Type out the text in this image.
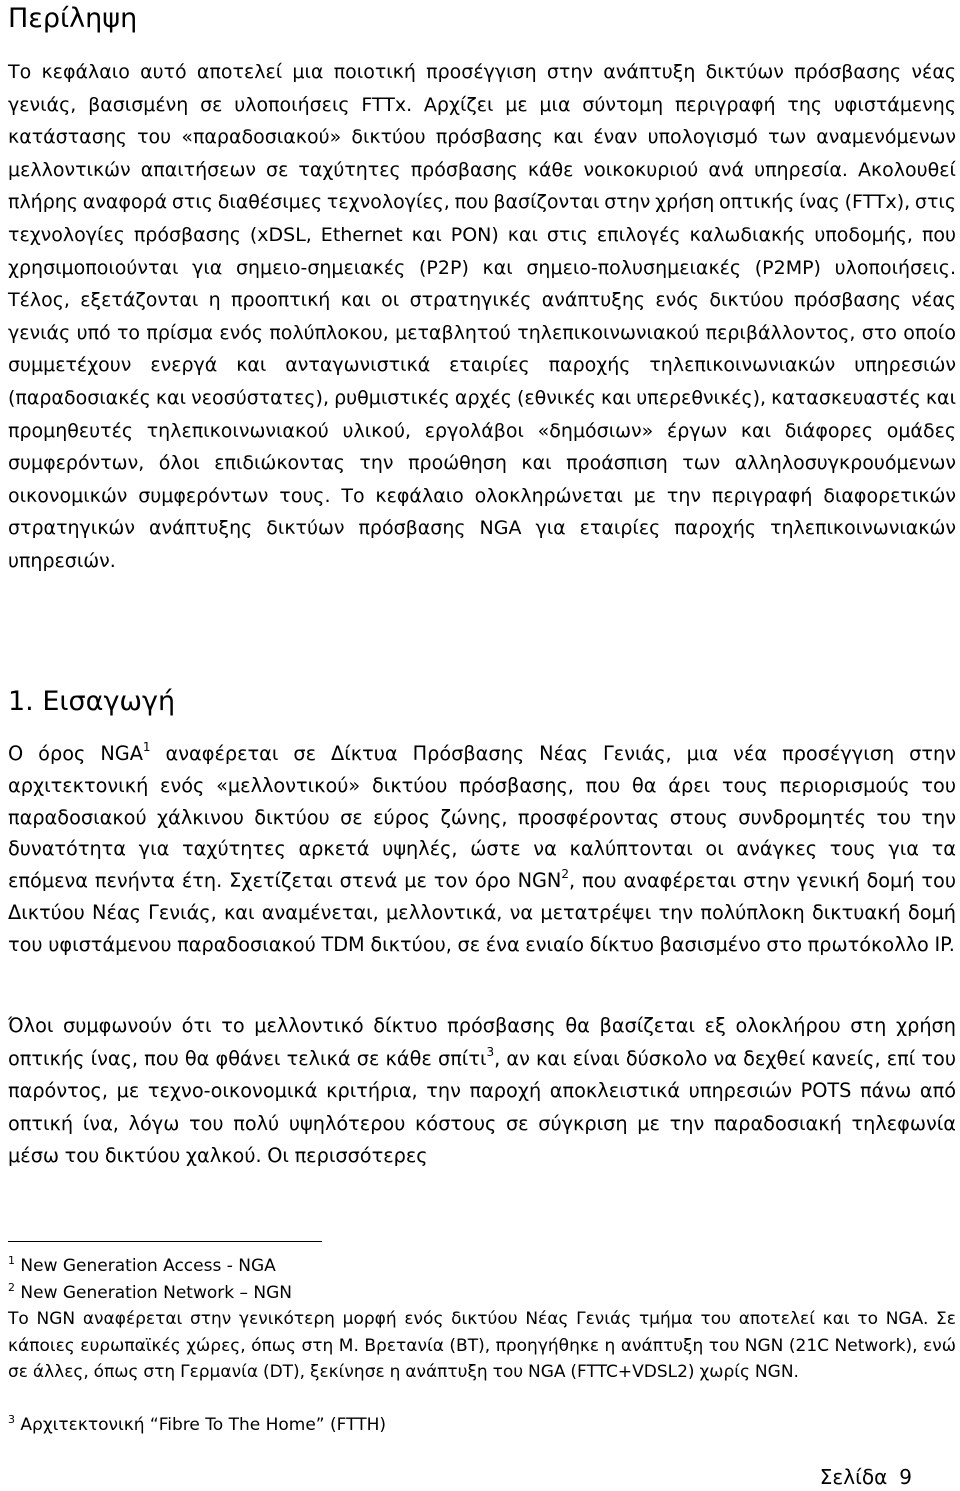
Περίληψη

Το κεφάλαιο αυτό αποτελεί μια ποιοτική προσέγγιση στην ανάπτυξη δικτύων πρόσβασης νέας γενιάς, βασισμένη σε υλοποιήσεις FTTx. Αρχίζει με μια σύντομη περιγραφή της υφιστάμενης κατάστασης του «παραδοσιακού» δικτύου πρόσβασης και έναν υπολογισμό των αναμενόμενων μελλοντικών απαιτήσεων σε ταχύτητες πρόσβασης κάθε νοικοκυριού ανά υπηρεσία. Ακολουθεί πλήρης αναφορά στις διαθέσιμες τεχνολογίες, που βασίζονται στην χρήση οπτικής ίνας (FTTx), στις τεχνολογίες πρόσβασης (xDSL, Ethernet και PON) και στις επιλογές καλωδιακής υποδομής, που χρησιμοποιούνται για σημειο-σημειακές (P2P) και σημειο-πολυσημειακές (P2MP) υλοποιήσεις. Τέλος, εξετάζονται η προοπτική και οι στρατηγικές ανάπτυξης ενός δικτύου πρόσβασης νέας γενιάς υπό το πρίσμα ενός πολύπλοκου, μεταβλητού τηλεπικοινωνιακού περιβάλλοντος, στο οποίο συμμετέχουν ενεργά και ανταγωνιστικά εταιρίες παροχής τηλεπικοινωνιακών υπηρεσιών (παραδοσιακές και νεοσύστατες), ρυθμιστικές αρχές (εθνικές και υπερεθνικές), κατασκευαστές και προμηθευτές τηλεπικοινωνιακού υλικού, εργολάβοι «δημόσιων» έργων και διάφορες ομάδες συμφερόντων, όλοι επιδιώκοντας την προώθηση και προάσπιση των αλληλοσυγκρουόμενων οικονομικών συμφερόντων τους. Το κεφάλαιο ολοκληρώνεται με την περιγραφή διαφορετικών στρατηγικών ανάπτυξης δικτύων πρόσβασης NGA για εταιρίες παροχής τηλεπικοινωνιακών υπηρεσιών.

1. Εισαγωγή

Ο όρος NGA$^1$ αναφέρεται σε Δίκτυα Πρόσβασης Νέας Γενιάς, μια νέα προσέγγιση στην αρχιτεκτονική ενός «μελλοντικού» δικτύου πρόσβασης, που θα άρει τους περιορισμούς του παραδοσιακού χάλκινου δικτύου σε εύρος ζώνης, προσφέροντας στους συνδρομητές του την δυνατότητα για ταχύτητες αρκετά υψηλές, ώστε να καλύπτονται οι ανάγκες τους για τα επόμενα πενήντα έτη. Σχετίζεται στενά με τον όρο NGN$^2$, που αναφέρεται στην γενική δομή του Δικτύου Νέας Γενιάς, και αναμένεται, μελλοντικά, να μετατρέψει την πολύπλοκη δικτυακή δομή του υφιστάμενου παραδοσιακού TDM δικτύου, σε ένα ενιαίο δίκτυο βασισμένο στο πρωτόκολλο IP.

Όλοι συμφωνούν ότι το μελλοντικό δίκτυο πρόσβασης θα βασίζεται εξ ολοκλήρου στη χρήση οπτικής ίνας, που θα φθάνει τελικά σε κάθε σπίτι$^3$, αν και είναι δύσκολο να δεχθεί κανείς, επί του παρόντος, με τεχνο-οικονομικά κριτήρια, την παροχή αποκλειστικά υπηρεσιών POTS πάνω από οπτική ίνα, λόγω του πολύ υψηλότερου κόστους σε σύγκριση με την παραδοσιακή τηλεφωνία μέσω του δικτύου χαλκού. Οι περισσότερες

$^1$ New Generation Access - NGA

$^2$ New Generation Network – NGN

Το NGN αναφέρεται στην γενικότερη μορφή ενός δικτύου Νέας Γενιάς τμήμα του αποτελεί και το NGA. Σε κάποιες ευρωπαϊκές χώρες, όπως στη Μ. Βρετανία (BT), προηγήθηκε η ανάπτυξη του NGN (21C Network), ενώ σε άλλες, όπως στη Γερμανία (DT), ξεκίνησε η ανάπτυξη του NGA (FTTC+VDSL2) χωρίς NGN.

$^3$ Αρχιτεκτονική “Fibre To The Home” (FTTH)

Σελίδα 9
